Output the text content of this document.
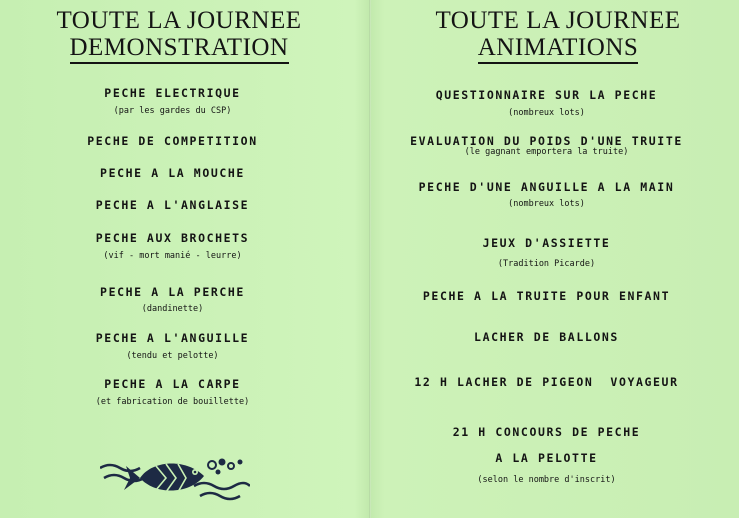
TOUTE LA JOURNEE
DEMONSTRATION
PECHE ELECTRIQUE
(par les gardes du CSP)
PECHE DE COMPETITION
PECHE A LA MOUCHE
PECHE A L'ANGLAISE
PECHE AUX BROCHETS
(vif - mort manié - leurre)
PECHE A LA PERCHE
(dandinette)
PECHE A L'ANGUILLE
(tendu et pelotte)
PECHE A LA CARPE
(et fabrication de bouillette)
TOUTE LA JOURNEE
ANIMATIONS
QUESTIONNAIRE SUR LA PECHE
(nombreux lots)
EVALUATION DU POIDS D'UNE TRUITE
(le gagnant emportera la truite)
PECHE D'UNE ANGUILLE A LA MAIN
(nombreux lots)
JEUX D'ASSIETTE
(Tradition Picarde)
PECHE A LA TRUITE POUR ENFANT
LACHER DE BALLONS
12 H LACHER DE PIGEON  VOYAGEUR
21 H CONCOURS DE PECHE
A LA PELOTTE
(selon le nombre d'inscrit)
